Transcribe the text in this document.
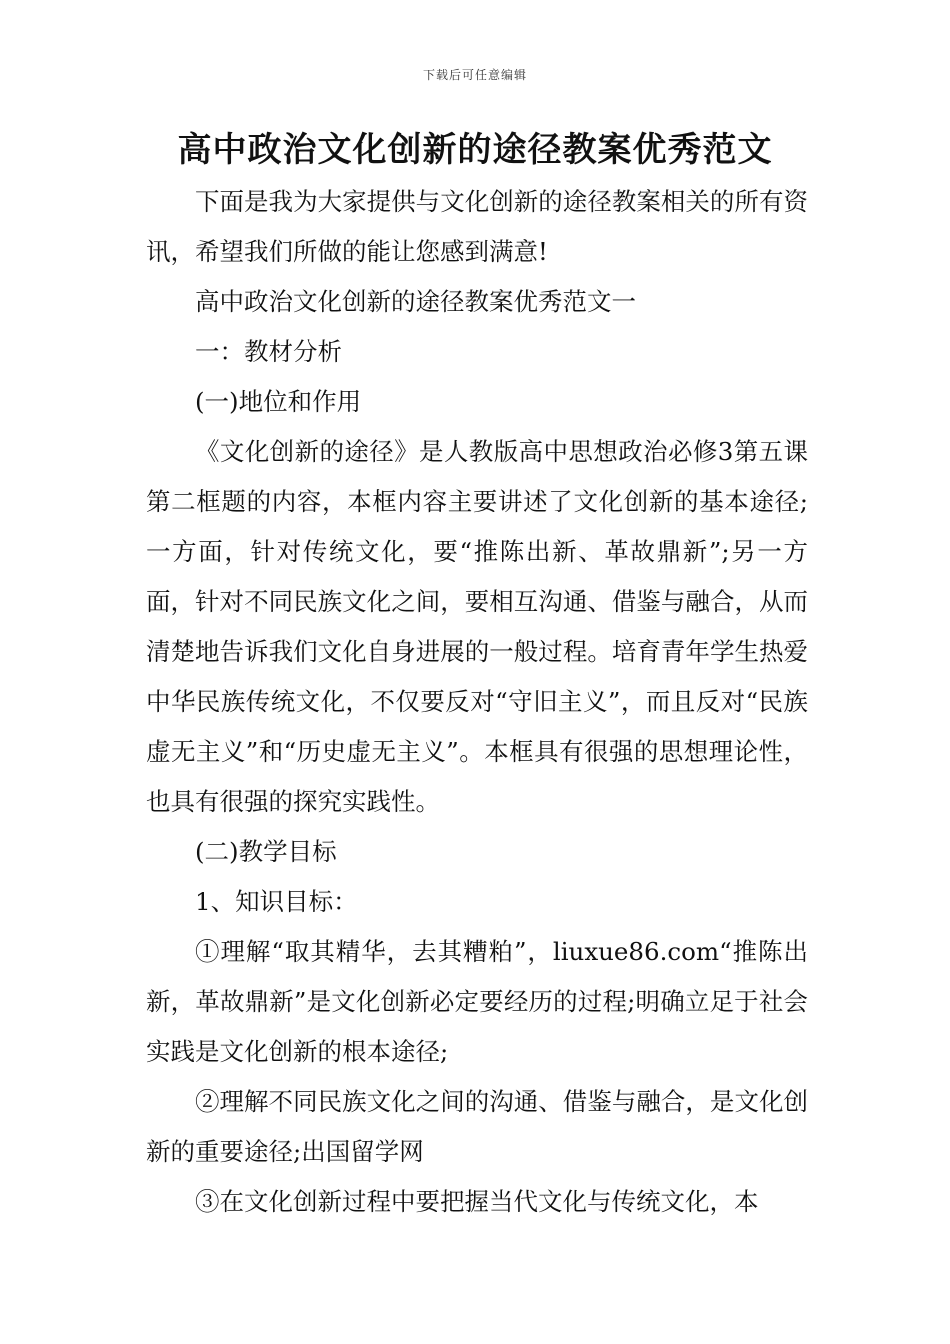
下载后可任意编辑
高中政治文化创新的途径教案优秀范文

下面是我为大家提供与文化创新的途径教案相关的所有资讯，希望我们所做的能让您感到满意!

高中政治文化创新的途径教案优秀范文一

一：教材分析

(一)地位和作用

《文化创新的途径》是人教版高中思想政治必修3第五课第二框题的内容，本框内容主要讲述了文化创新的基本途径;一方面，针对传统文化，要“推陈出新、革故鼎新”;另一方面，针对不同民族文化之间，要相互沟通、借鉴与融合，从而清楚地告诉我们文化自身进展的一般过程。培育青年学生热爱中华民族传统文化，不仅要反对“守旧主义”，而且反对“民族虚无主义”和“历史虚无主义”。本框具有很强的思想理论性，也具有很强的探究实践性。

(二)教学目标

1、知识目标：

①理解“取其精华，去其糟粕”，liuxue86.com“推陈出新，革故鼎新”是文化创新必定要经历的过程;明确立足于社会实践是文化创新的根本途径;

②理解不同民族文化之间的沟通、借鉴与融合，是文化创新的重要途径;出国留学网

③在文化创新过程中要把握当代文化与传统文化，本
